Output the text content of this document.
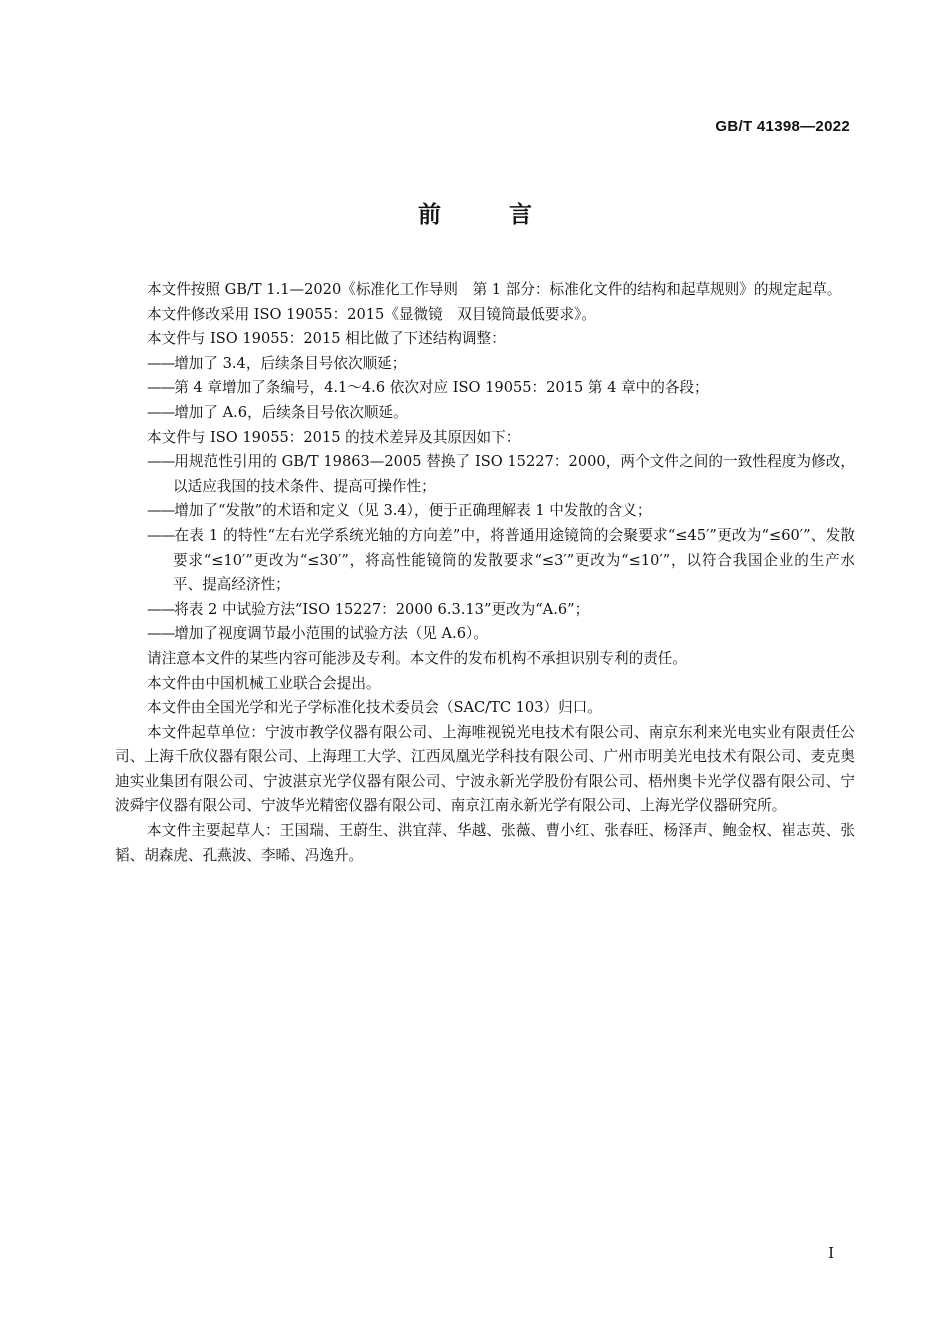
GB/T 41398—2022
前	言

本文件按照 GB/T 1.1—2020《标准化工作导则　第 1 部分：标准化文件的结构和起草规则》的规定起草。

本文件修改采用 ISO 19055：2015《显微镜　双目镜筒最低要求》。

本文件与 ISO 19055：2015 相比做了下述结构调整：

——增加了 3.4，后续条目号依次顺延；

——第 4 章增加了条编号，4.1～4.6 依次对应 ISO 19055：2015 第 4 章中的各段；

——增加了 A.6，后续条目号依次顺延。

本文件与 ISO 19055：2015 的技术差异及其原因如下：

——用规范性引用的 GB/T 19863—2005 替换了 ISO 15227：2000，两个文件之间的一致性程度为修改，以适应我国的技术条件、提高可操作性；

——增加了“发散”的术语和定义（见 3.4），便于正确理解表 1 中发散的含义；

——在表 1 的特性“左右光学系统光轴的方向差”中，将普通用途镜筒的会聚要求“≤45′”更改为“≤60′”、发散要求“≤10′”更改为“≤30′”，将高性能镜筒的发散要求“≤3′”更改为“≤10′”，以符合我国企业的生产水平、提高经济性；

——将表 2 中试验方法“ISO 15227：2000 6.3.13”更改为“A.6”；

——增加了视度调节最小范围的试验方法（见 A.6）。

请注意本文件的某些内容可能涉及专利。本文件的发布机构不承担识别专利的责任。

本文件由中国机械工业联合会提出。

本文件由全国光学和光子学标准化技术委员会（SAC/TC 103）归口。

本文件起草单位：宁波市教学仪器有限公司、上海唯视锐光电技术有限公司、南京东利来光电实业有限责任公司、上海千欣仪器有限公司、上海理工大学、江西凤凰光学科技有限公司、广州市明美光电技术有限公司、麦克奥迪实业集团有限公司、宁波湛京光学仪器有限公司、宁波永新光学股份有限公司、梧州奥卡光学仪器有限公司、宁波舜宇仪器有限公司、宁波华光精密仪器有限公司、南京江南永新光学有限公司、上海光学仪器研究所。

本文件主要起草人：王国瑞、王蔚生、洪宜萍、华越、张薇、曹小红、张春旺、杨泽声、鲍金权、崔志英、张韬、胡森虎、孔燕波、李晞、冯逸升。

I
